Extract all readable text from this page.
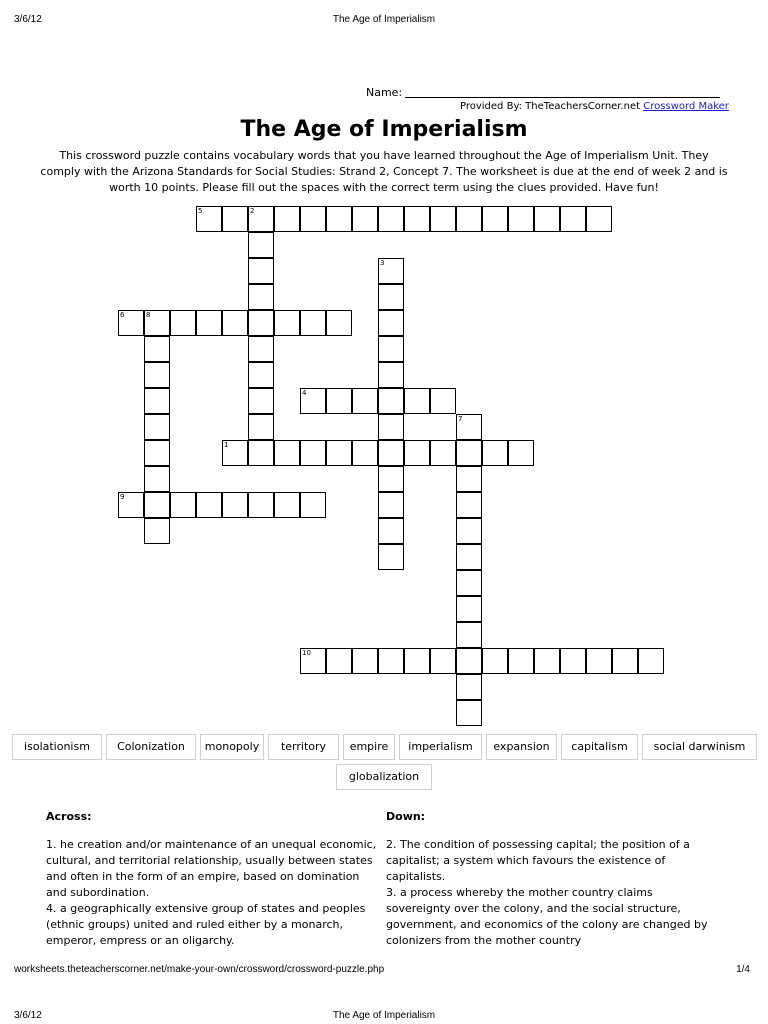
3/6/12	The Age of Imperialism
Name:
Provided By: TheTeachersCorner.net Crossword Maker
The Age of Imperialism
This crossword puzzle contains vocabulary words that you have learned throughout the Age of Imperialism Unit. They comply with the Arizona Standards for Social Studies: Strand 2, Concept 7. The worksheet is due at the end of week 2 and is worth 10 points. Please fill out the spaces with the correct term using the clues provided. Have fun!
5	2
3
6	8
4
7
1
9
10
isolationism	Colonization	monopoly	territory	empire	imperialism	expansion	capitalism	social darwinism
globalization
Across:	Down:

1. he creation and/or maintenance of an unequal economic, cultural, and territorial relationship, usually between states and often in the form of an empire, based on domination and subordination.

4. a geographically extensive group of states and peoples (ethnic groups) united and ruled either by a monarch, emperor, empress or an oligarchy.

2. The condition of possessing capital; the position of a capitalist; a system which favours the existence of capitalists.

3. a process whereby the mother country claims sovereignty over the colony, and the social structure, government, and economics of the colony are changed by colonizers from the mother country

worksheets.theteacherscorner.net/make-your-own/crossword/crossword-puzzle.php	1/4
3/6/12	The Age of Imperialism
